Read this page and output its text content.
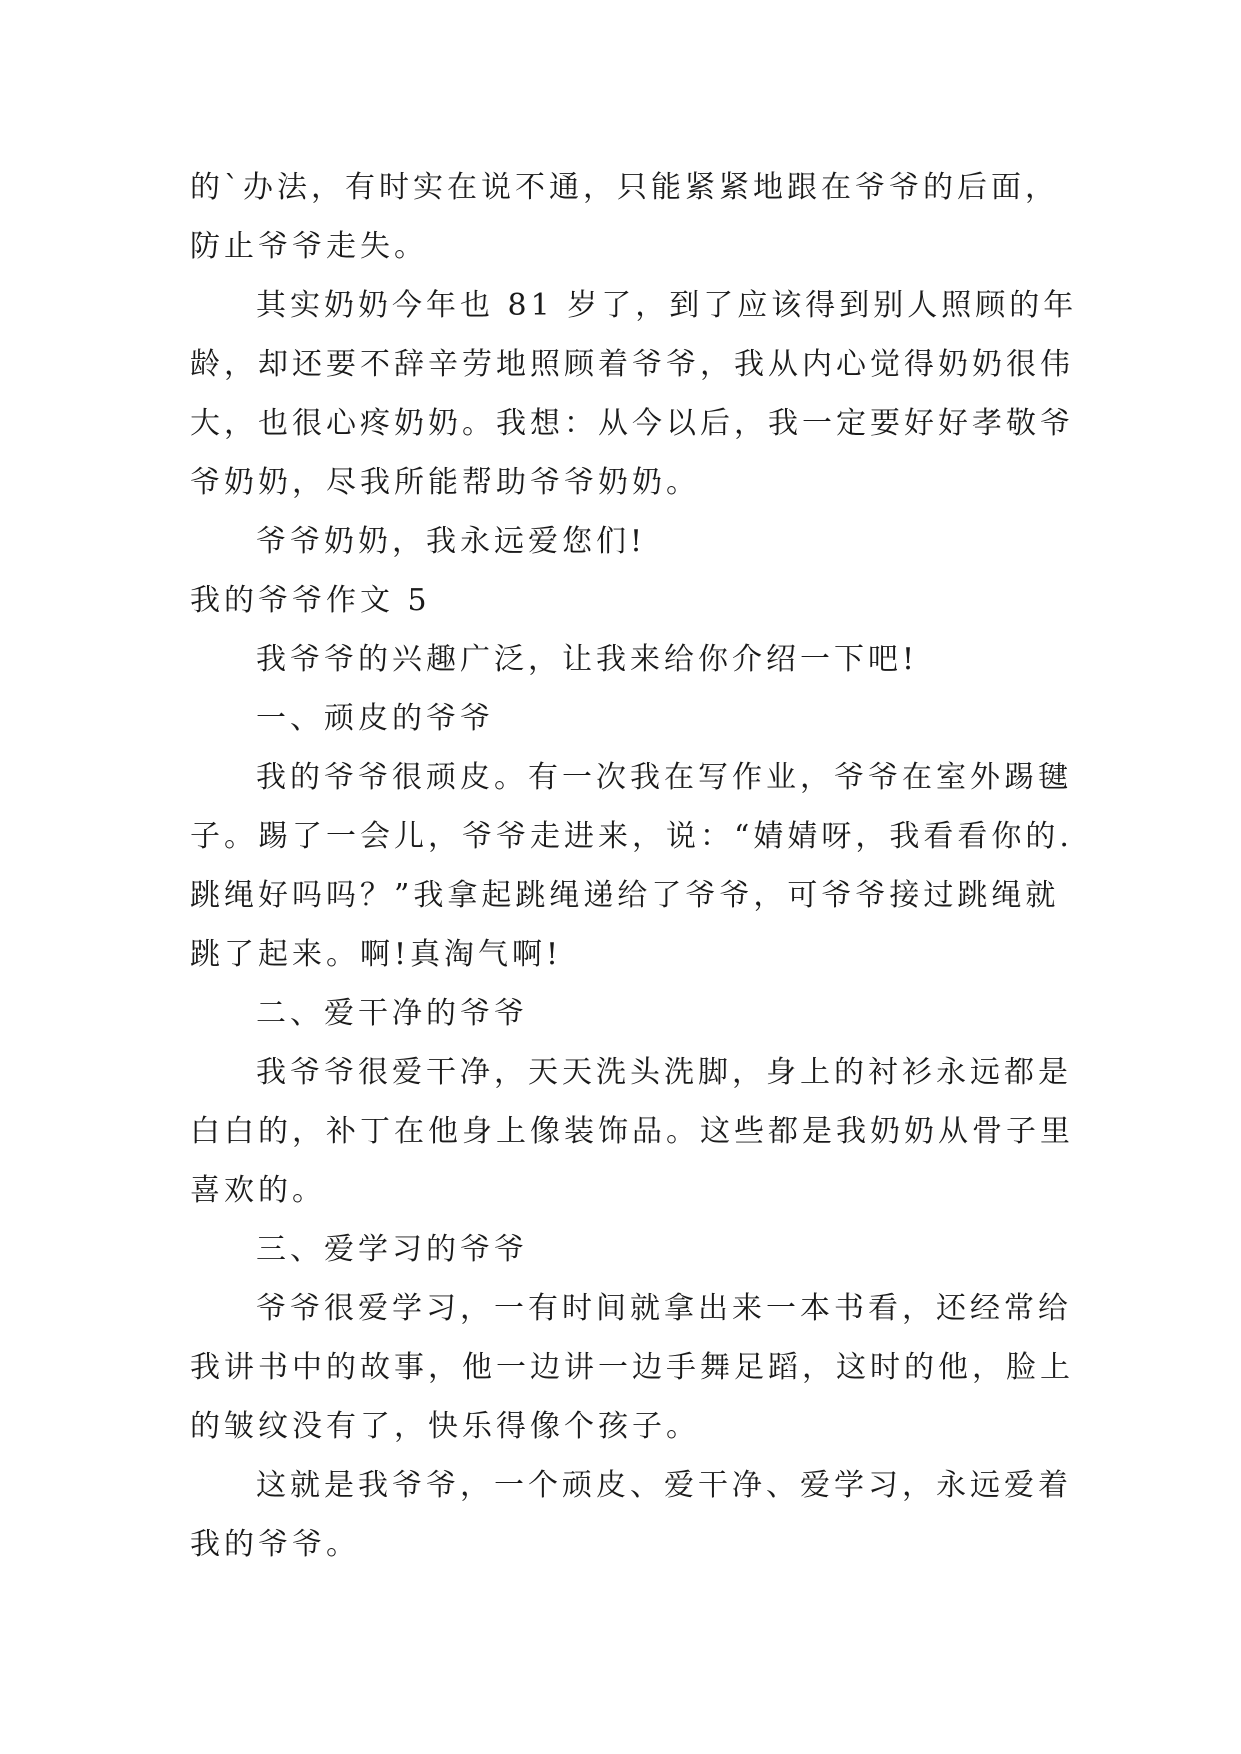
的`办法，有时实在说不通，只能紧紧地跟在爷爷的后面，
防止爷爷走失。
其实奶奶今年也 81 岁了，到了应该得到别人照顾的年
龄，却还要不辞辛劳地照顾着爷爷，我从内心觉得奶奶很伟
大，也很心疼奶奶。我想：从今以后，我一定要好好孝敬爷
爷奶奶，尽我所能帮助爷爷奶奶。
爷爷奶奶，我永远爱您们!
我的爷爷作文 5
我爷爷的兴趣广泛，让我来给你介绍一下吧!
一、顽皮的爷爷
我的爷爷很顽皮。有一次我在写作业，爷爷在室外踢毽
子。踢了一会儿，爷爷走进来，说：“婧婧呀，我看看你的.
跳绳好吗吗？”我拿起跳绳递给了爷爷，可爷爷接过跳绳就
跳了起来。啊!真淘气啊!
二、爱干净的爷爷
我爷爷很爱干净，天天洗头洗脚，身上的衬衫永远都是
白白的，补丁在他身上像装饰品。这些都是我奶奶从骨子里
喜欢的。
三、爱学习的爷爷
爷爷很爱学习，一有时间就拿出来一本书看，还经常给
我讲书中的故事，他一边讲一边手舞足蹈，这时的他，脸上
的皱纹没有了，快乐得像个孩子。
这就是我爷爷，一个顽皮、爱干净、爱学习，永远爱着
我的爷爷。
